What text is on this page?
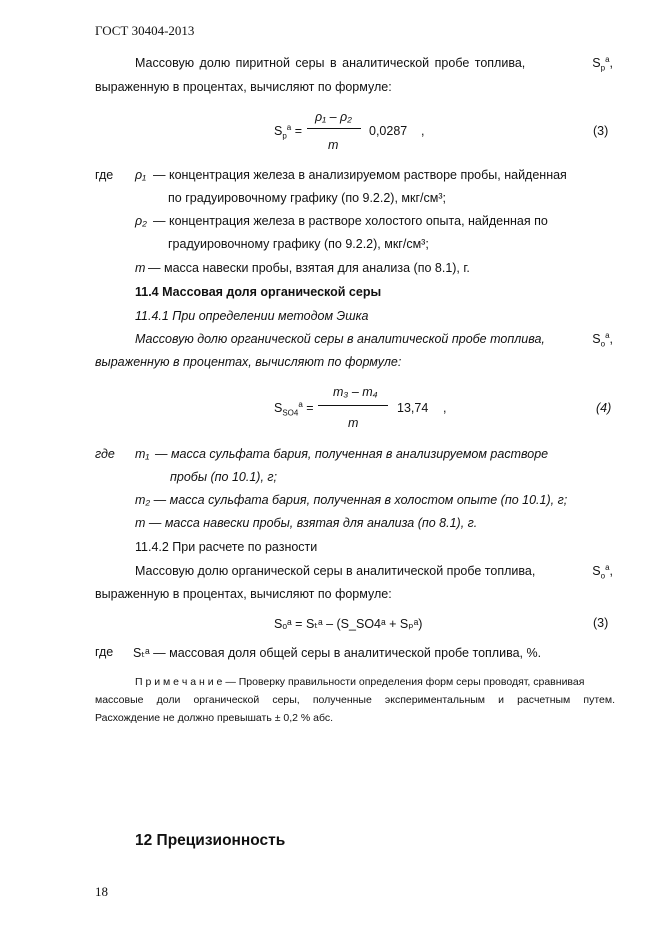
ГОСТ 30404-2013
Массовую долю пиритной серы в аналитической пробе топлива,	$S_p^a$,
выраженную в процентах, вычисляют по формуле:
$S_p^a$ =
ρ₁ – ρ₂
m
0,0287 ,	(3)
где ρ₁ — концентрация железа в анализируемом растворе пробы, найденная
по градуировочному графику (по 9.2.2), мкг/см³;
ρ₂ — концентрация железа в растворе холостого опыта, найденная по
градуировочному графику (по 9.2.2), мкг/см³;
m — масса навески пробы, взятая для анализа (по 8.1), г.
11.4 Массовая доля органической серы
11.4.1 При определении методом Эшка
Массовую долю органической серы в аналитической пробе топлива,	$S_o^a$,
выраженную в процентах, вычисляют по формуле:
$S_{SO4}^a$ =
m₃ – m₄
m
13,74 ,	(4)
где m₁ — масса сульфата бария, полученная в анализируемом растворе
пробы (по 10.1), г;
m₂ — масса сульфата бария, полученная в холостом опыте (по 10.1), г;
m — масса навески пробы, взятая для анализа (по 8.1), г.
11.4.2 При расчете по разности
Массовую долю органической серы в аналитической пробе топлива,	$S_o^a$,
выраженную в процентах, вычисляют по формуле:
Sₒᵃ = Sₜᵃ – (S_SO4ᵃ + Sₚᵃ)	(3)
где Sₜᵃ — массовая доля общей серы в аналитической пробе топлива, %.
П р и м е ч а н и е — Проверку правильности определения форм серы проводят, сравнивая
массовые доли органической серы, полученные экспериментальным и расчетным путем.
Расхождение не должно превышать ± 0,2 % абс.
12 Прецизионность
18
